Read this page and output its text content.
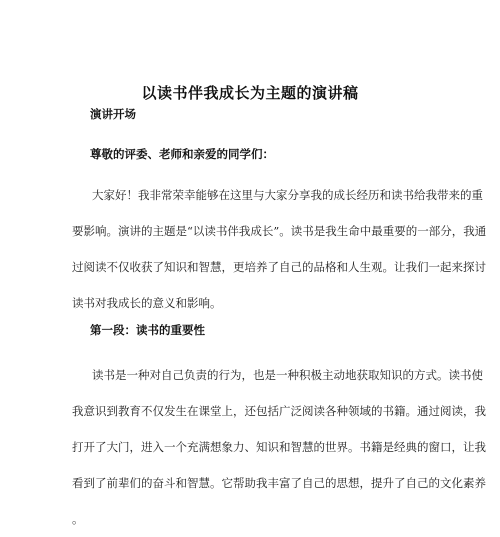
以读书伴我成长为主题的演讲稿
演讲开场
尊敬的评委、老师和亲爱的同学们：
大家好！我非常荣幸能够在这里与大家分享我的成长经历和读书给我带来的重
要影响。演讲的主题是“以读书伴我成长”。读书是我生命中最重要的一部分，我通
过阅读不仅收获了知识和智慧，更培养了自己的品格和人生观。让我们一起来探讨
读书对我成长的意义和影响。
第一段：读书的重要性
读书是一种对自己负责的行为，也是一种积极主动地获取知识的方式。读书使
我意识到教育不仅发生在课堂上，还包括广泛阅读各种领域的书籍。通过阅读，我
打开了大门，进入一个充满想象力、知识和智慧的世界。书籍是经典的窗口，让我
看到了前辈们的奋斗和智慧。它帮助我丰富了自己的思想，提升了自己的文化素养
。
